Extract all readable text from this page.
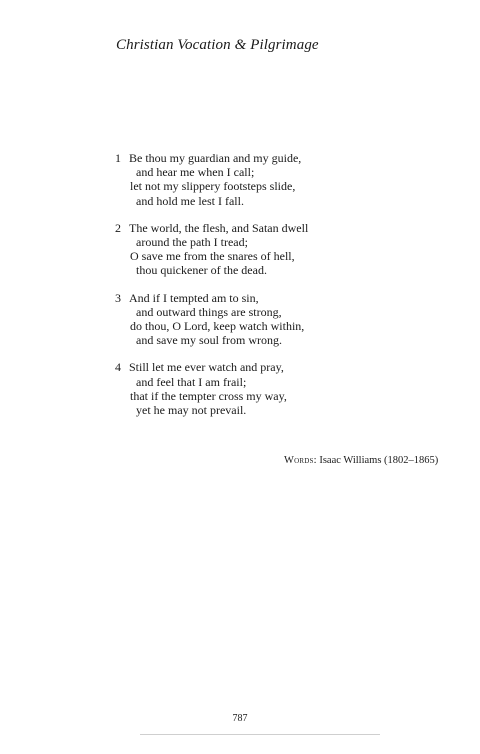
Christian Vocation & Pilgrimage
1 Be thou my guardian and my guide,
and hear me when I call;
let not my slippery footsteps slide,
and hold me lest I fall.
2 The world, the flesh, and Satan dwell
around the path I tread;
O save me from the snares of hell,
thou quickener of the dead.
3 And if I tempted am to sin,
and outward things are strong,
do thou, O Lord, keep watch within,
and save my soul from wrong.
4 Still let me ever watch and pray,
and feel that I am frail;
that if the tempter cross my way,
yet he may not prevail.
Words: Isaac Williams (1802–1865)
787
